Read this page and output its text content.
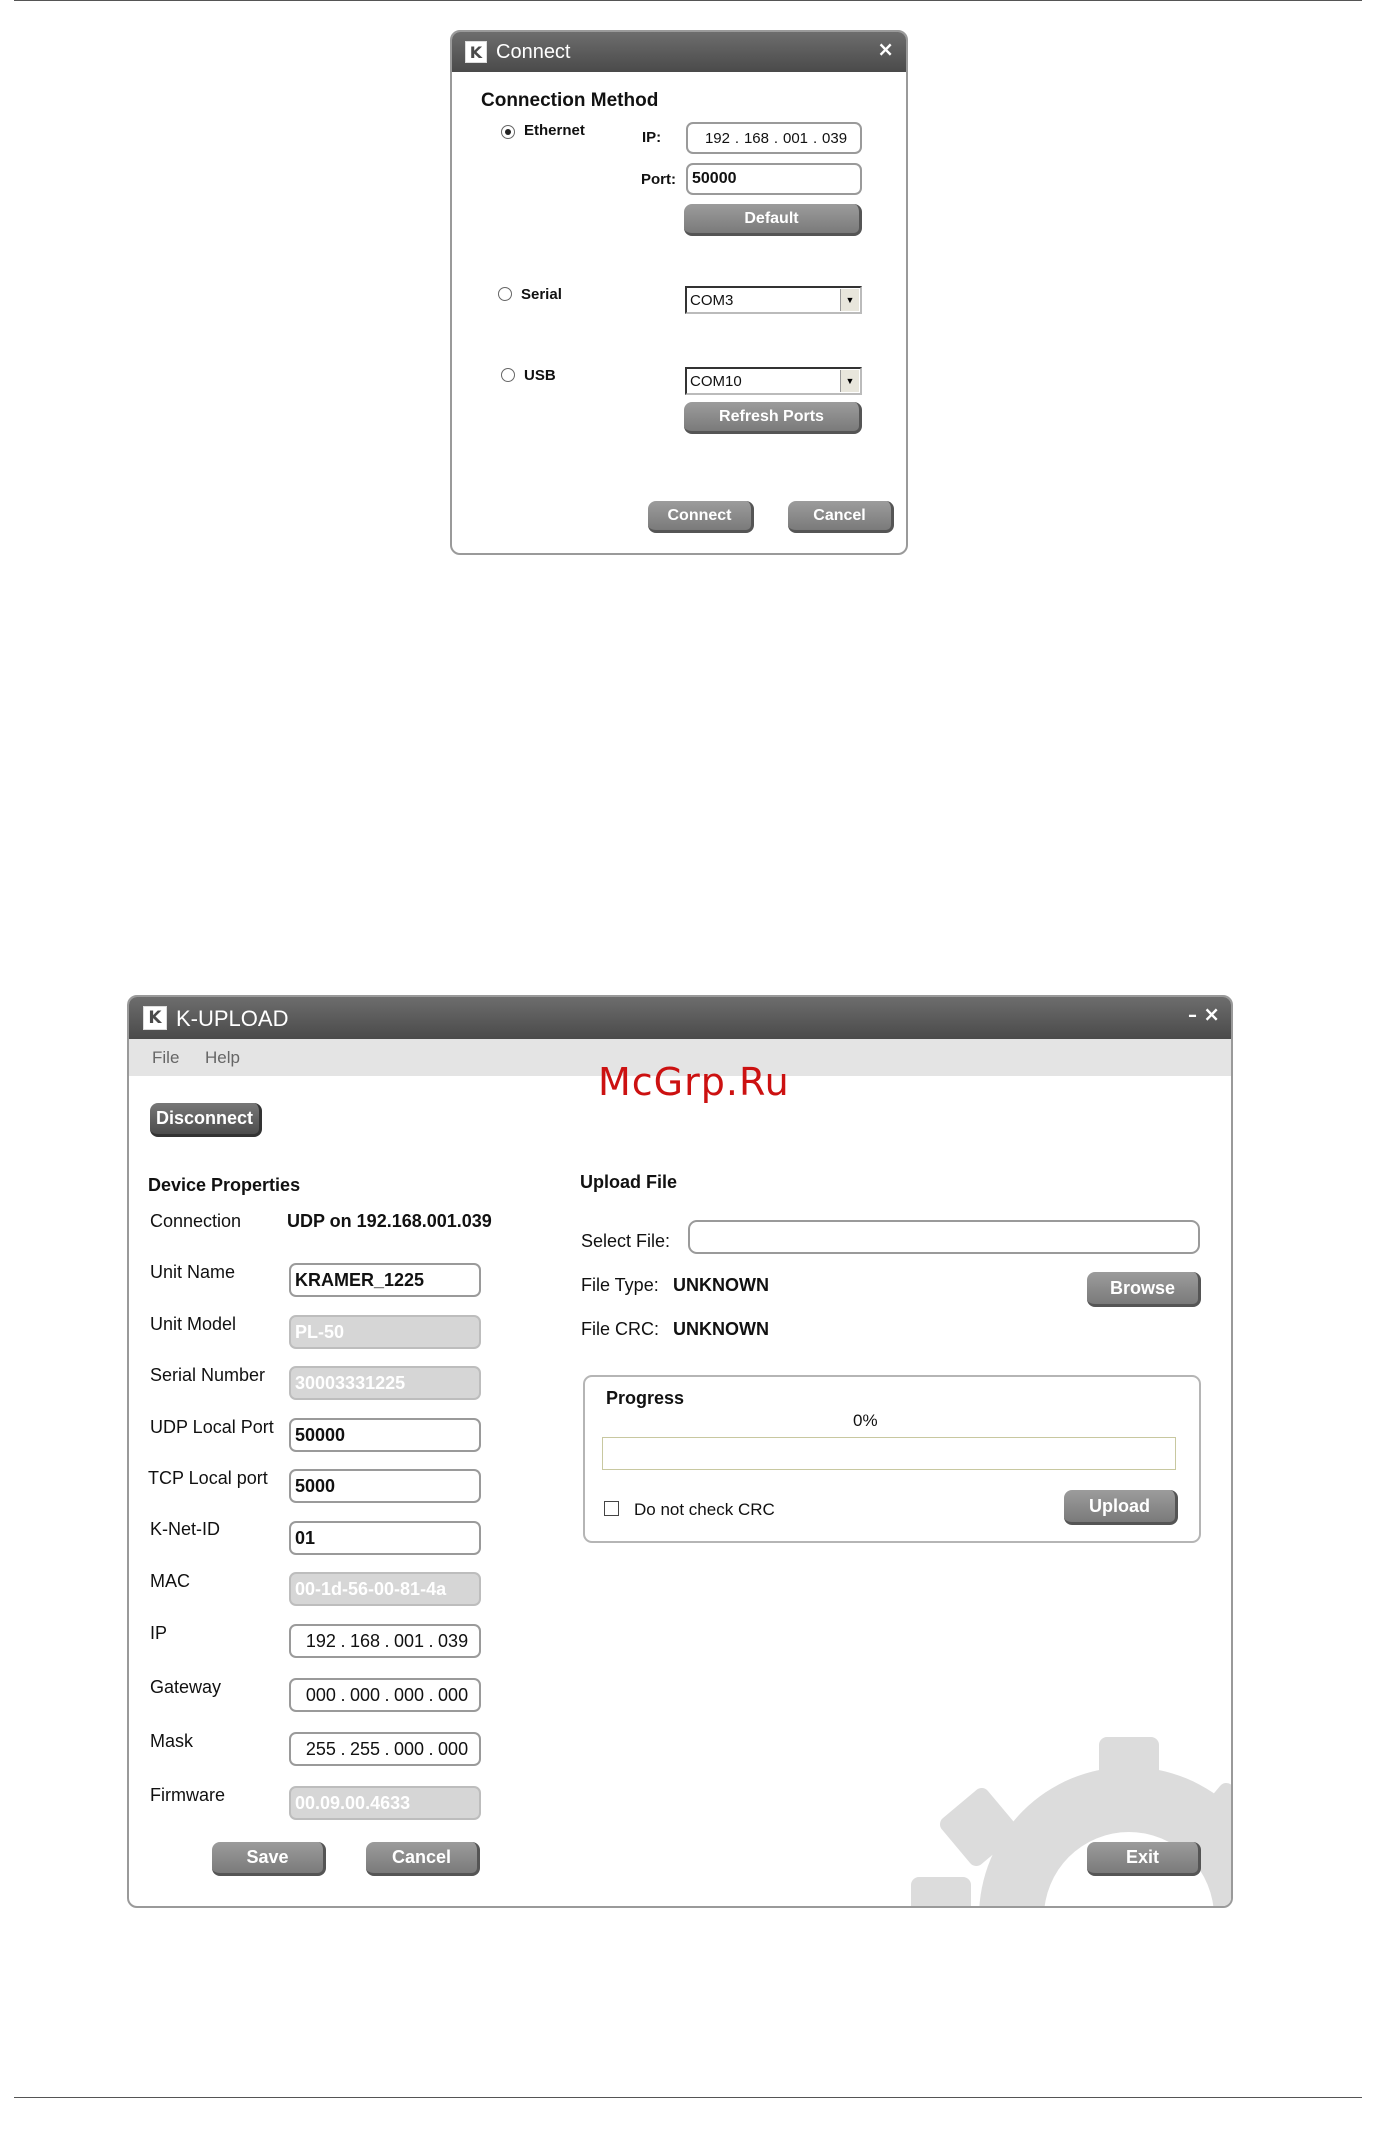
K Connect	×
Connection Method
Ethernet	IP:	192 . 168 . 001 . 039
Port:	50000
Default
Serial	COM3	▼
USB	COM10	▼
Refresh Ports
Connect	Cancel
K K-UPLOAD	– ×
File Help
McGrp.Ru
Disconnect
Device Properties
Connection	UDP on 192.168.001.039
Unit Name	KRAMER_1225
Unit Model	PL-50
Serial Number	30003331225
UDP Local Port	50000
TCP Local port	5000
K-Net-ID	01
MAC	00-1d-56-00-81-4a
IP	192 . 168 . 001 . 039
Gateway	000 . 000 . 000 . 000
Mask	255 . 255 . 000 . 000
Firmware	00.09.00.4633
Save	Cancel
Upload File
Select File:
File Type: UNKNOWN	Browse
File CRC: UNKNOWN
Progress
0%
Do not check CRC	Upload
Exit
